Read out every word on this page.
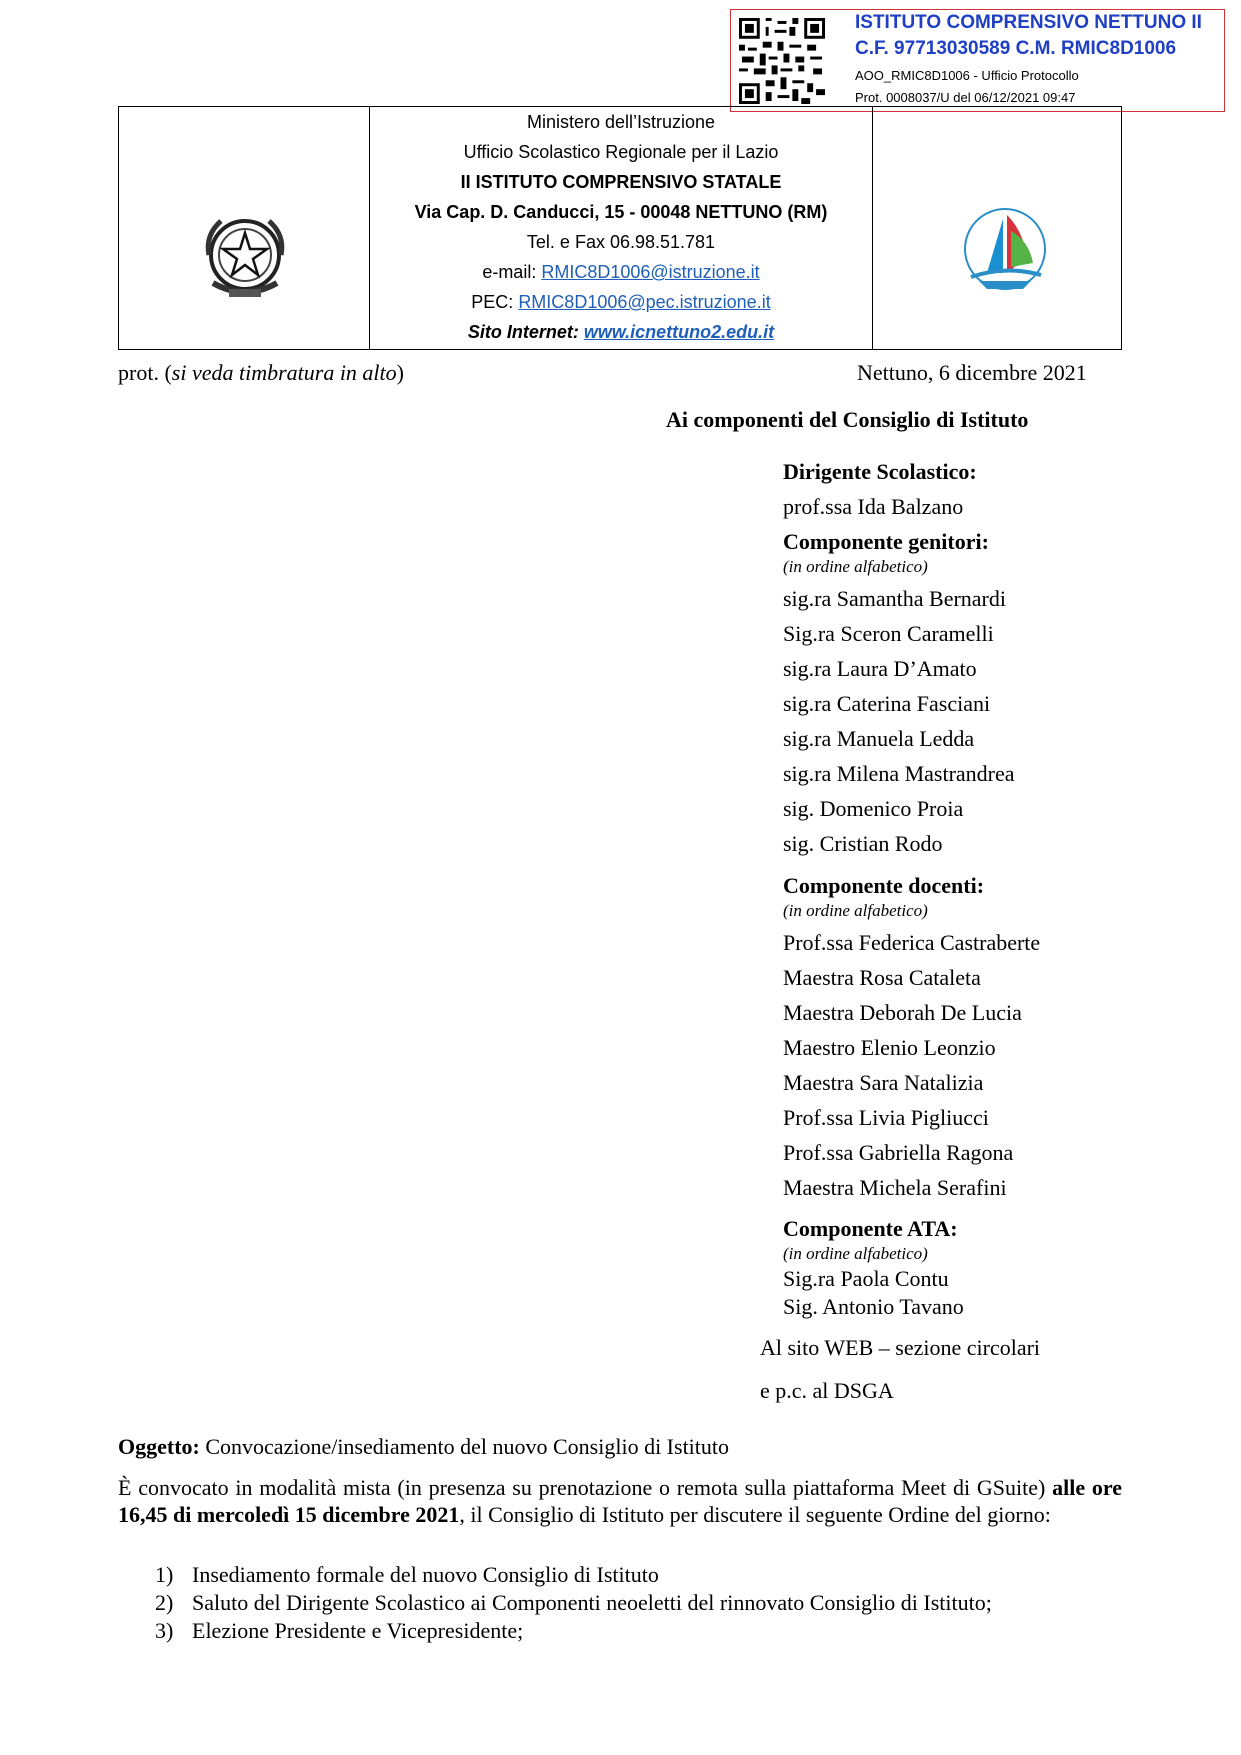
ISTITUTO COMPRENSIVO NETTUNO II
C.F. 97713030589 C.M. RMIC8D1006
AOO_RMIC8D1006 - Ufficio Protocollo
Prot. 0008037/U del 06/12/2021 09:47
Ministero dell’Istruzione
Ufficio Scolastico Regionale per il Lazio
II ISTITUTO COMPRENSIVO STATALE
Via Cap. D. Canducci, 15 - 00048 NETTUNO (RM)
Tel. e Fax 06.98.51.781
e-mail: RMIC8D1006@istruzione.it
PEC: RMIC8D1006@pec.istruzione.it
Sito Internet: www.icnettuno2.edu.it
prot. (si veda timbratura in alto)	Nettuno, 6 dicembre 2021
Ai componenti del Consiglio di Istituto
Dirigente Scolastico:
prof.ssa Ida Balzano
Componente genitori:
(in ordine alfabetico)
sig.ra Samantha Bernardi
Sig.ra Sceron Caramelli
sig.ra Laura D’Amato
sig.ra Caterina Fasciani
sig.ra Manuela Ledda
sig.ra Milena Mastrandrea
sig. Domenico Proia
sig. Cristian Rodo
Componente docenti:
(in ordine alfabetico)
Prof.ssa Federica Castraberte
Maestra Rosa Cataleta
Maestra Deborah De Lucia
Maestro Elenio Leonzio
Maestra Sara Natalizia
Prof.ssa Livia Pigliucci
Prof.ssa Gabriella Ragona
Maestra Michela Serafini
Componente ATA:
(in ordine alfabetico)
Sig.ra Paola Contu
Sig. Antonio Tavano
Al sito WEB – sezione circolari
e p.c. al DSGA
Oggetto: Convocazione/insediamento del nuovo Consiglio di Istituto
È convocato in modalità mista (in presenza su prenotazione o remota sulla piattaforma Meet di GSuite) alle ore 16,45 di mercoledì 15 dicembre 2021, il Consiglio di Istituto per discutere il seguente Ordine del giorno:
1) Insediamento formale del nuovo Consiglio di Istituto
2) Saluto del Dirigente Scolastico ai Componenti neoeletti del rinnovato Consiglio di Istituto;
3) Elezione Presidente e Vicepresidente;
